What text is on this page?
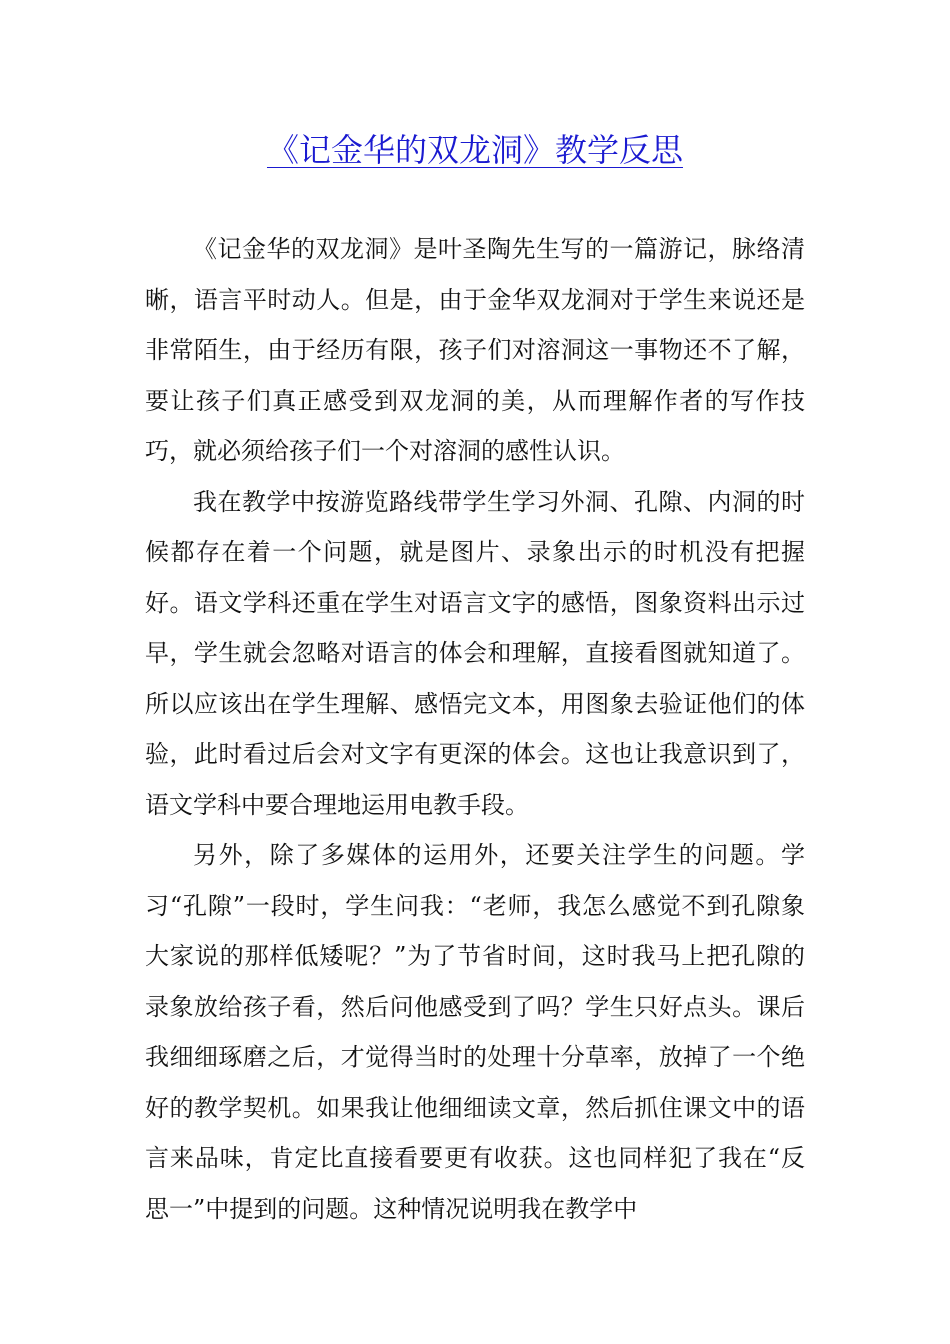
《记金华的双龙洞》教学反思

《记金华的双龙洞》是叶圣陶先生写的一篇游记，脉络清晰，语言平时动人。但是，由于金华双龙洞对于学生来说还是非常陌生，由于经历有限，孩子们对溶洞这一事物还不了解，要让孩子们真正感受到双龙洞的美，从而理解作者的写作技巧，就必须给孩子们一个对溶洞的感性认识。

我在教学中按游览路线带学生学习外洞、孔隙、内洞的时候都存在着一个问题，就是图片、录象出示的时机没有把握好。语文学科还重在学生对语言文字的感悟，图象资料出示过早，学生就会忽略对语言的体会和理解，直接看图就知道了。所以应该出在学生理解、感悟完文本，用图象去验证他们的体验，此时看过后会对文字有更深的体会。这也让我意识到了，语文学科中要合理地运用电教手段。

另外，除了多媒体的运用外，还要关注学生的问题。学习“孔隙”一段时，学生问我：“老师，我怎么感觉不到孔隙象大家说的那样低矮呢？”为了节省时间，这时我马上把孔隙的录象放给孩子看，然后问他感受到了吗？学生只好点头。课后我细细琢磨之后，才觉得当时的处理十分草率，放掉了一个绝好的教学契机。如果我让他细细读文章，然后抓住课文中的语言来品味，肯定比直接看要更有收获。这也同样犯了我在“反思一”中提到的问题。这种情况说明我在教学中
